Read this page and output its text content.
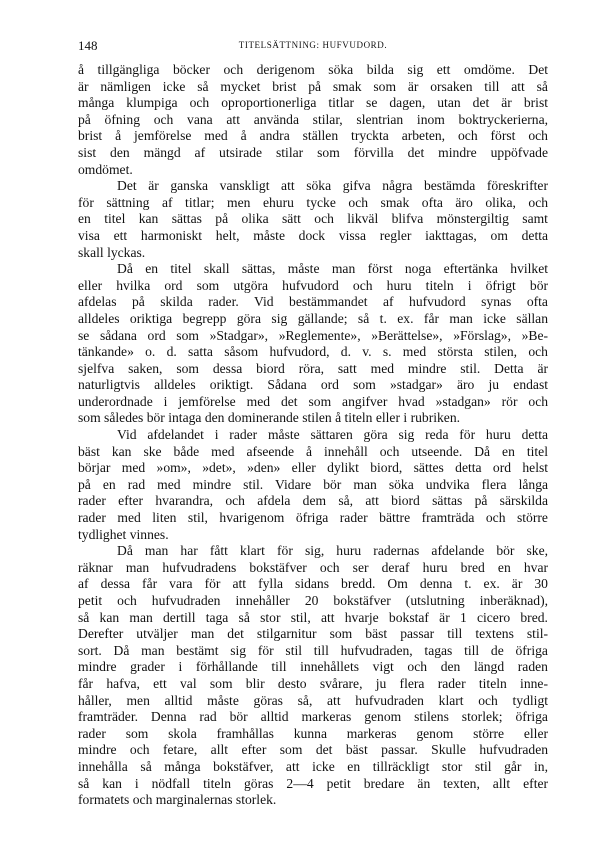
148	TITELSÄTTNING: HUFVUDORD.
å tillgängliga böcker och derigenom söka bilda sig ett omdöme. Det
är nämligen icke så mycket brist på smak som är orsaken till att så
många klumpiga och oproportionerliga titlar se dagen, utan det är brist
på öfning och vana att använda stilar, slentrian inom boktryckerierna,
brist å jemförelse med å andra ställen tryckta arbeten, och först och
sist den mängd af utsirade stilar som förvilla det mindre uppöfvade
omdömet.
Det är ganska vanskligt att söka gifva några bestämda föreskrifter
för sättning af titlar; men ehuru tycke och smak ofta äro olika, och
en titel kan sättas på olika sätt och likväl blifva mönstergiltig samt
visa ett harmoniskt helt, måste dock vissa regler iakttagas, om detta
skall lyckas.
Då en titel skall sättas, måste man först noga eftertänka hvilket
eller hvilka ord som utgöra hufvudord och huru titeln i öfrigt bör
afdelas på skilda rader. Vid bestämmandet af hufvudord synas ofta
alldeles oriktiga begrepp göra sig gällande; så t. ex. får man icke sällan
se sådana ord som »Stadgar», »Reglemente», »Berättelse», »Förslag», »Be-
tänkande» o. d. satta såsom hufvudord, d. v. s. med största stilen, och
sjelfva saken, som dessa biord röra, satt med mindre stil. Detta är
naturligtvis alldeles oriktigt. Sådana ord som »stadgar» äro ju endast
underordnade i jemförelse med det som angifver hvad »stadgan» rör och
som således bör intaga den dominerande stilen å titeln eller i rubriken.
Vid afdelandet i rader måste sättaren göra sig reda för huru detta
bäst kan ske både med afseende å innehåll och utseende. Då en titel
börjar med »om», »det», »den» eller dylikt biord, sättes detta ord helst
på en rad med mindre stil. Vidare bör man söka undvika flera långa
rader efter hvarandra, och afdela dem så, att biord sättas på särskilda
rader med liten stil, hvarigenom öfriga rader bättre framträda och större
tydlighet vinnes.
Då man har fått klart för sig, huru radernas afdelande bör ske,
räknar man hufvudradens bokstäfver och ser deraf huru bred en hvar
af dessa får vara för att fylla sidans bredd. Om denna t. ex. är 30
petit och hufvudraden innehåller 20 bokstäfver (utslutning inberäknad),
så kan man dertill taga så stor stil, att hvarje bokstaf är 1 cicero bred.
Derefter utväljer man det stilgarnitur som bäst passar till textens stil-
sort. Då man bestämt sig för stil till hufvudraden, tagas till de öfriga
mindre grader i förhållande till innehållets vigt och den längd raden
får hafva, ett val som blir desto svårare, ju flera rader titeln inne-
håller, men alltid måste göras så, att hufvudraden klart och tydligt
framträder. Denna rad bör alltid markeras genom stilens storlek; öfriga
rader som skola framhållas kunna markeras genom större eller
mindre och fetare, allt efter som det bäst passar. Skulle hufvudraden
innehålla så många bokstäfver, att icke en tillräckligt stor stil går in,
så kan i nödfall titeln göras 2—4 petit bredare än texten, allt efter
formatets och marginalernas storlek.
